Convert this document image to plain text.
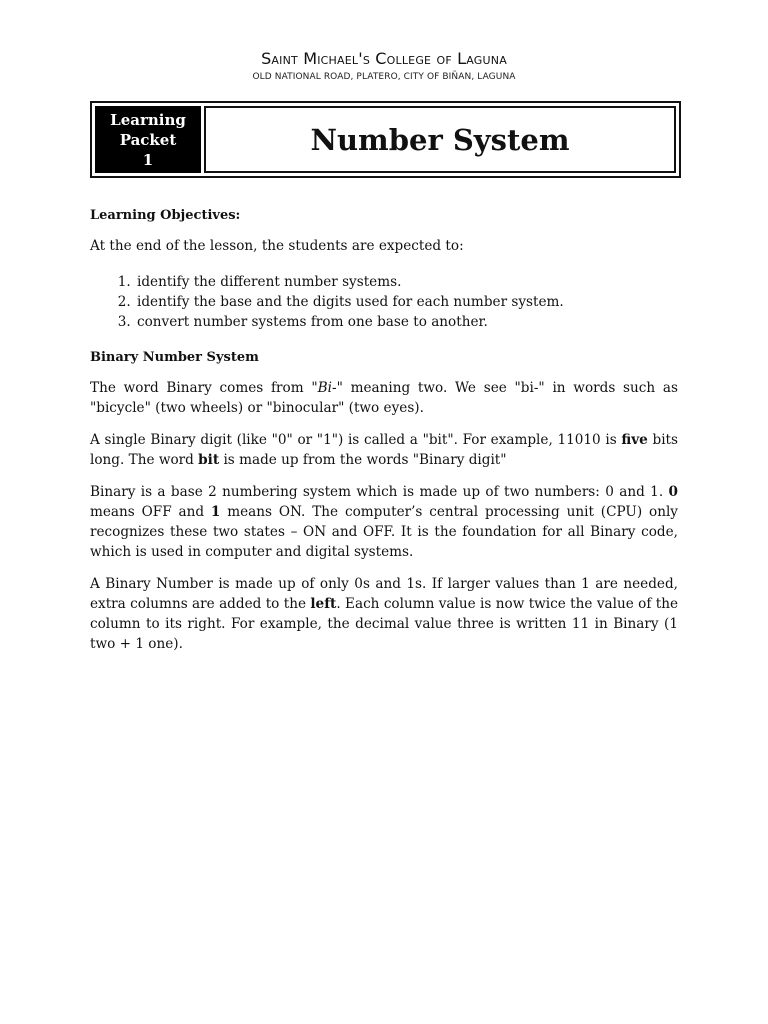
Saint Michael's College of Laguna
OLD NATIONAL ROAD, PLATERO, CITY OF BIÑAN, LAGUNA
Learning
Packet
1
Number System

Learning Objectives:

At the end of the lesson, the students are expected to:

1. identify the different number systems.
2. identify the base and the digits used for each number system.
3. convert number systems from one base to another.

Binary Number System

The word Binary comes from "Bi-" meaning two. We see "bi-" in words such as "bicycle" (two wheels) or "binocular" (two eyes).

A single Binary digit (like "0" or "1") is called a "bit". For example, 11010 is five bits long. The word bit is made up from the words "Binary digit"

Binary is a base 2 numbering system which is made up of two numbers: 0 and 1. 0 means OFF and 1 means ON. The computer’s central processing unit (CPU) only recognizes these two states – ON and OFF. It is the foundation for all Binary code, which is used in computer and digital systems.

A Binary Number is made up of only 0s and 1s. If larger values than 1 are needed, extra columns are added to the left. Each column value is now twice the value of the column to its right. For example, the decimal value three is written 11 in Binary (1 two + 1 one).
